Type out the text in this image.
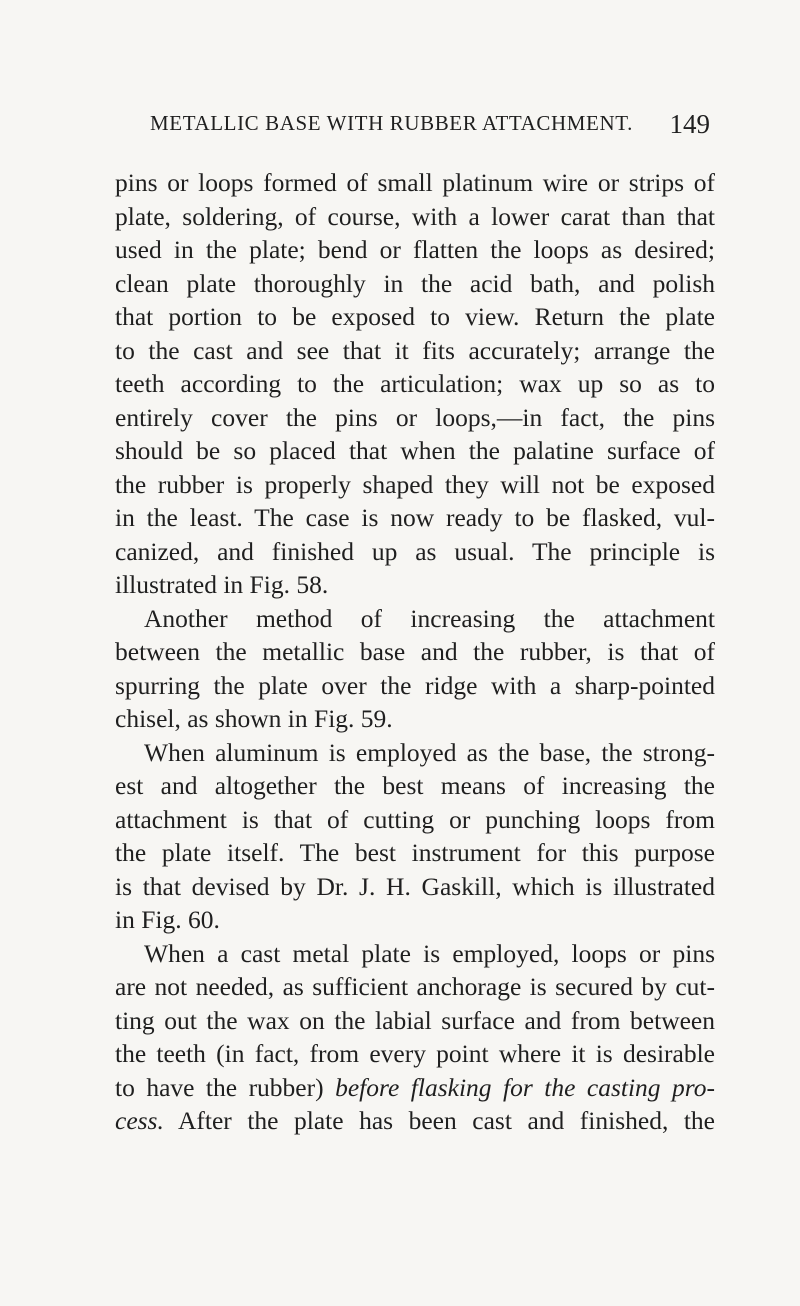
METALLIC BASE WITH RUBBER ATTACHMENT. 149
pins or loops formed of small platinum wire or strips of
plate, soldering, of course, with a lower carat than that
used in the plate; bend or flatten the loops as desired;
clean plate thoroughly in the acid bath, and polish
that portion to be exposed to view. Return the plate
to the cast and see that it fits accurately; arrange the
teeth according to the articulation; wax up so as to
entirely cover the pins or loops,—in fact, the pins
should be so placed that when the palatine surface of
the rubber is properly shaped they will not be exposed
in the least. The case is now ready to be flasked, vul-
canized, and finished up as usual. The principle is
illustrated in Fig. 58.
Another method of increasing the attachment
between the metallic base and the rubber, is that of
spurring the plate over the ridge with a sharp-pointed
chisel, as shown in Fig. 59.
When aluminum is employed as the base, the strong-
est and altogether the best means of increasing the
attachment is that of cutting or punching loops from
the plate itself. The best instrument for this purpose
is that devised by Dr. J. H. Gaskill, which is illustrated
in Fig. 60.
When a cast metal plate is employed, loops or pins
are not needed, as sufficient anchorage is secured by cut-
ting out the wax on the labial surface and from between
the teeth (in fact, from every point where it is desirable
to have the rubber) before flasking for the casting pro-
cess. After the plate has been cast and finished, the
